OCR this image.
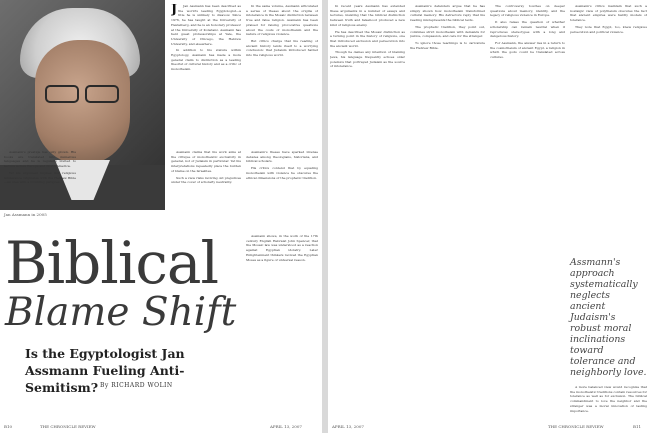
Jan Assmann in 2005
J	Jan Assmann has been described as the world's leading Egyptologist—a title he is unlikely to disavow. Since 1976, he has taught at the University of Heidelberg, and he is an honorary professor at the University of Konstanz. Assmann has held guest professorships at Yale, the University of Chicago, the Hebrew University, and elsewhere.

In addition to his stature within Egyptology, Assmann has made a more general claim to distinction as a leading theorist of cultural history and as a critic of monotheism.

In the same volume, Assmann articulated a series of theses about the origins of intolerance in the Mosaic distinction between true and false religion. Assmann has been praised for raising provocative questions about the costs of monotheism and the nature of religious violence.

But critics charge that his reading of ancient history lends itself to a worrying conclusion: that Judaism introduced hatred into the religious world.

Assmann's prestige has only grown. His books are translated into numerous languages and he is regularly invited to lecture across Europe and North America.

Yet his argument implies that religious intolerance originates with the Hebrew Bible—an idea with a troubling pedigree.

Assmann claims that his work aims at the critique of monotheistic exclusivity in general, not of Judaism in particular. Yet his interpretations repeatedly place the burden of blame on the Israelites.

Such a view risks reviving old prejudices under the cover of scholarly neutrality.

Assmann's theses have sparked intense debates among theologians, historians, and biblical scholars.

His critics contend that by equating monotheism with violence he obscures the ethical dimensions of the prophetic tradition.

Biblical
Blame Shift

Assmann shows, in the work of the 17th century English Hebraist John Spencer, that the Mosaic law was understood as a reaction against Egyptian idolatry. Later Enlightenment thinkers revived the Egyptian Moses as a figure of universal reason.

Is the Egyptologist Jan Assmann Fueling Anti-Semitism? By RICHARD WOLIN
B10	THE CHRONICLE REVIEW	APRIL 13, 2007

In recent years Assmann has extended these arguments in a number of essays and lectures, insisting that the biblical distinction between truth and falsehood produced a new kind of religious enemy.

He has described the Mosaic distinction as a turning point in the history of religions, one that introduced exclusion and persecution into the ancient world.

Though he denies any intention of blaming Jews, his language frequently echoes older polemics that portrayed Judaism as the source of intolerance.

Assmann's defenders argue that he has simply shown how monotheism transformed cultural memory. His detractors reply that his reading misrepresents the biblical texts.

The prophetic tradition, they point out, combines strict monotheism with demands for justice, compassion, and care for the stranger.

To ignore those teachings is to caricature the Hebrew Bible.

The controversy touches on deeper questions about memory, identity, and the legacy of religious violence in Europe.

It also raises the question of whether scholarship can remain neutral when it reproduces stereotypes with a long and dangerous history.

For Assmann, the answer lies in a return to the cosmotheism of ancient Egypt, a religion in which the gods could be translated across cultures.

Assmann's critics maintain that such a nostalgic view of polytheism obscures the fact that ancient empires were hardly models of tolerance.

They note that Egypt, too, knew religious persecution and political violence.

Assmann's approach systematically neglects ancient Judaism's robust moral inclinations toward tolerance and neighborly love.

A more balanced view would recognize that the monotheistic traditions contain resources for tolerance as well as for exclusion. The biblical commandment to love the neighbor and the stranger was a moral innovation of lasting importance.

APRIL 13, 2007	THE CHRONICLE REVIEW	B11
